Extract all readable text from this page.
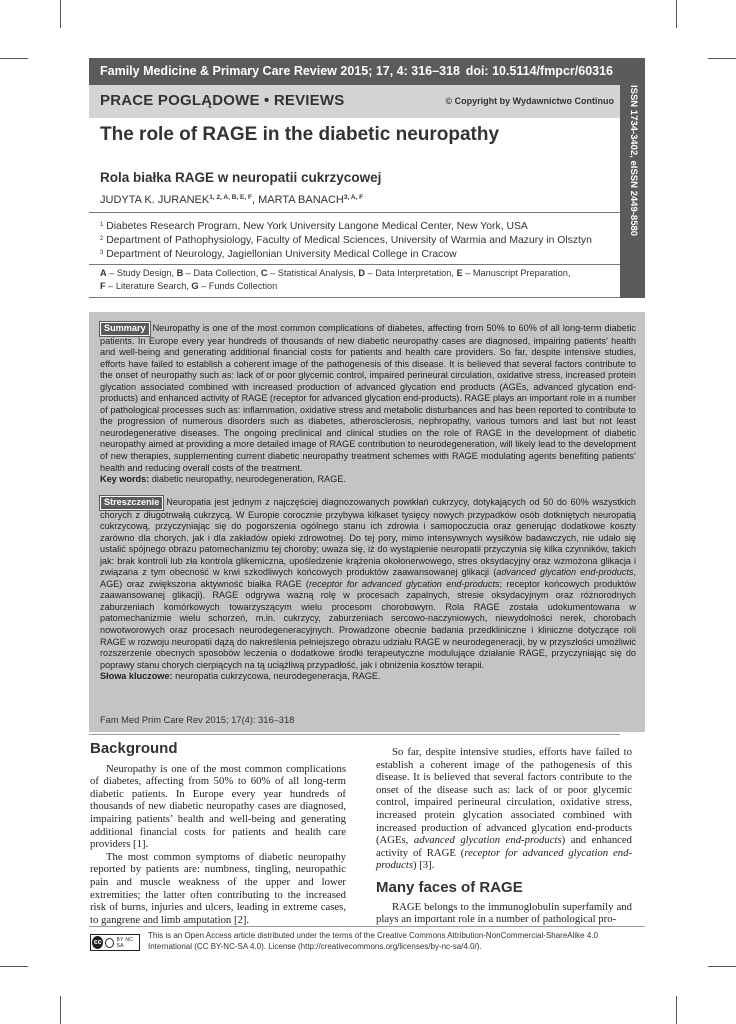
Family Medicine & Primary Care Review 2015; 17, 4: 316–318 doi: 10.5114/fmpcr/60316
ISSN 1734-3402, eISSN 2449-8580
PRACE POGLĄDOWE • REVIEWS	© Copyright by Wydawnictwo Continuo
The role of RAGE in the diabetic neuropathy
Rola białka RAGE w neuropatii cukrzycowej
JUDYTA K. $JURANEK^{1, 2, A, B, E, F}$, MARTA $BANACH^{3, A, F}$
$^1$ Diabetes Research Program, New York University Langone Medical Center, New York, USA
$^2$ Department of Pathophysiology, Faculty of Medical Sciences, University of Warmia and Mazury in Olsztyn
$^3$ Department of Neurology, Jagiellonian University Medical College in Cracow
A – Study Design, B – Data Collection, C – Statistical Analysis, D – Data Interpretation, E – Manuscript Preparation,
F – Literature Search, G – Funds Collection
Summary Neuropathy is one of the most common complications of diabetes, affecting from 50% to 60% of all long-term diabetic patients. In Europe every year hundreds of thousands of new diabetic neuropathy cases are diagnosed, impairing patients’ health and well-being and generating additional financial costs for patients and health care providers. So far, despite intensive studies, efforts have failed to establish a coherent image of the pathogenesis of this disease. It is believed that several factors contribute to the onset of neuropathy such as: lack of or poor glycemic control, impaired perineural circulation, oxidative stress, increased protein glycation associated combined with increased production of advanced glycation end products (AGEs, advanced glycation end-products) and enhanced activity of RAGE (receptor for advanced glycation end-products). RAGE plays an important role in a number of pathological processes such as: inflammation, oxidative stress and metabolic disturbances and has been reported to contribute to the progression of numerous disorders such as diabetes, atherosclerosis, nephropathy, various tumors and last but not least neurodegenerative diseases. The ongoing preclinical and clinical studies on the role of RAGE in the development of diabetic neuropathy aimed at providing a more detailed image of RAGE contribution to neurodegeneration, will likely lead to the development of new therapies, supplementing current diabetic neuropathy treatment schemes with RAGE modulating agents benefiting patients’ health and reducing overall costs of the treatment.
Key words: diabetic neuropathy, neurodegeneration, RAGE.
Streszczenie Neuropatia jest jednym z najczęściej diagnozowanych powikłań cukrzycy, dotykających od 50 do 60% wszystkich chorych z długotrwałą cukrzycą. W Europie corocznie przybywa kilkaset tysięcy nowych przypadków osób dotkniętych neuropatią cukrzycową, przyczyniając się do pogorszenia ogólnego stanu ich zdrowia i samopoczucia oraz generując dodatkowe koszty zarówno dla chorych. jak i dla zakładów opieki zdrowotnej. Do tej pory, mimo intensywnych wysiłków badawczych, nie udało się ustalić spójnego obrazu patomechanizmu tej choroby; uważa się, iż do wystąpienie neuropatii przyczynia się kilka czynników, takich jak: brak kontroli lub zła kontrola glikemiczna, upośledzenie krążenia okołonerwowego, stres oksydacyjny oraz wzmożona glikacja i związana z tym obecność w krwi szkodliwych końcowych produktów zaawansowanej glikacji (advanced glycation end-products, AGE) oraz zwiększona aktywność białka RAGE (receptor for advanced glycation end-products; receptor końcowych produktów zaawansowanej glikacji). RAGE odgrywa ważną rolę w procesach zapalnych, stresie oksydacyjnym oraz różnorodnych zaburzeniach komórkowych towarzyszącym wielu procesom chorobowym. Rola RAGE została udokumentowana w patomechanizmie wielu schorzeń, m.in. cukrzycy, zaburzeniach sercowo-naczyniowych, niewydolności nerek, chorobach nowotworowych oraz procesach neurodegeneracyjnych. Prowadzone obecnie badania przedkliniczne i kliniczne dotyczące roli RAGE w rozwoju neuropatii dążą do nakreślenia pełniejszego obrazu udziału RAGE w neurodegeneracji, by w przyszłości umożliwić rozszerzenie obecnych sposobów leczenia o dodatkowe środki terapeutyczne modulujące działanie RAGE, przyczyniając się do poprawy stanu chorych cierpiących na tą uciążliwą przypadłość, jak i obniżenia kosztów terapii.
Słowa kluczowe: neuropatia cukrzycowa, neurodegeneracja, RAGE.
Fam Med Prim Care Rev 2015; 17(4): 316–318
Background

Neuropathy is one of the most common complications of diabetes, affecting from 50% to 60% of all long-term diabetic patients. In Europe every year hundreds of thousands of new diabetic neuropathy cases are diagnosed, impairing patients’ health and well-being and generating additional financial costs for patients and health care providers [1].

The most common symptoms of diabetic neuropathy reported by patients are: numbness, tingling, neuropathic pain and muscle weakness of the upper and lower extremities; the latter often contributing to the increased risk of burns, injuries and ulcers, leading in extreme cases, to gangrene and limb amputation [2].

So far, despite intensive studies, efforts have failed to establish a coherent image of the pathogenesis of this disease. It is believed that several factors contribute to the onset of the disease such as: lack of or poor glycemic control, impaired perineural circulation, oxidative stress, increased protein glycation associated combined with increased production of advanced glycation end-products (AGEs, advanced glycation end-products) and enhanced activity of RAGE (receptor for advanced glycation end-products) [3].

Many faces of RAGE

RAGE belongs to the immunoglobulin superfamily and plays an important role in a number of pathological pro-

cc	BY NC SA
This is an Open Access article distributed under the terms of the Creative Commons Attribution-NonCommercial-ShareAlike 4.0 International (CC BY-NC-SA 4.0). License (http://creativecommons.org/licenses/by-nc-sa/4.0/).
